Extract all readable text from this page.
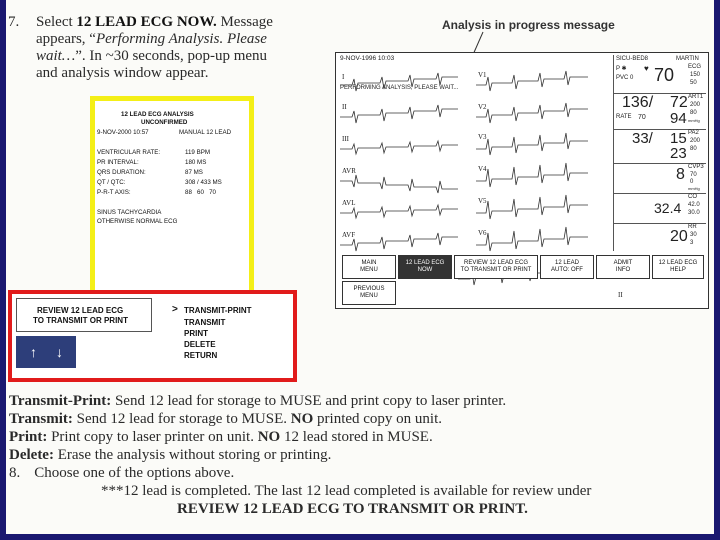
7. Select 12 LEAD ECG NOW. Message
appears, “Performing Analysis. Please
wait…”. In ~30 seconds, pop-up menu
and analysis window appear.
Analysis in progress message
9-NOV-1996 10:03
PERFORMING ANALYSIS, PLEASE WAIT...
I
II
III
AVR
AVL
AVF
V1
V2
V3
V4
V5
V6
II
SICU-BED8	MARTIN
P ✱ ♥
PVC 0 70 ECG
150
50
136/ 72 ART1
200
RATE 70 94 80
mmHg
33/ 15
23
PA2
200
80
8 CVP3
70
0
mmHg
32.4
CO
42.0
30.0
20
RR
30
3
MAIN
MENU
12 LEAD ECG
NOW
REVIEW 12 LEAD ECG
TO TRANSMIT OR PRINT
12 LEAD
AUTO: OFF
ADMIT
INFO
12 LEAD ECG
HELP
PREVIOUS
MENU
12 LEAD ECG ANALYSIS
UNCONFIRMED
9-NOV-2000 10:57	MANUAL 12 LEAD
VENTRICULAR RATE:	119 BPM
PR INTERVAL:	180 MS
QRS DURATION:	87 MS
QT / QTC:	308 / 433 MS
P-R-T AXIS:	88   60   70
SINUS TACHYCARDIA
OTHERWISE NORMAL ECG
REVIEW 12 LEAD ECG
TO TRANSMIT OR PRINT
↑ ↓
> TRANSMIT-PRINT
TRANSMIT
PRINT
DELETE
RETURN
Transmit-Print: Send 12 lead for storage to MUSE and print copy to laser printer.
Transmit: Send 12 lead for storage to MUSE. NO printed copy on unit.
Print: Print copy to laser printer on unit. NO 12 lead stored in MUSE.
Delete: Erase the analysis without storing or printing.
8. Choose one of the options above.
***12 lead is completed. The last 12 lead completed is available for review under
REVIEW 12 LEAD ECG TO TRANSMIT OR PRINT.
